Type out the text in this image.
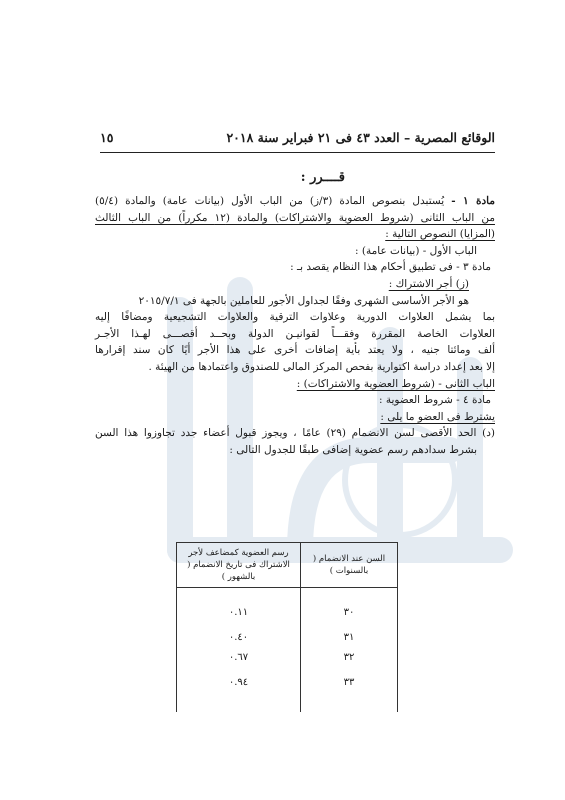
الوقائع المصرية – العدد ٤٣ فى ٢١ فبراير سنة ٢٠١٨
١٥
قــــرر :

مادة ١ - يُستبدل بنصوص المادة (٣/ز) من الباب الأول (بيانات عامة) والمادة (٥/٤)

من الباب الثانى (شروط العضوية والاشتراكات) والمادة (١٢ مكرراً) من الباب الثالث

(المزايا) النصوص التالية :

الباب الأول - (بيانات عامة) :

مادة ٣ - فى تطبيق أحكام هذا النظام يقصد بـ :

(ز) أجر الاشتراك :

هو الأجر الأساسى الشهرى وفقًا لجداول الأجور للعاملين بالجهة فى ٢٠١٥/٧/١

بما يشمل العلاوات الدورية وعلاوات الترقية والعلاوات التشجيعية ومضافًا إليه

العلاوات الخاصة المقررة وفقـــاً لقوانيـن الدولة وبحــد أقصـــى لهـذا الأجـر

ألف ومائتا جنيه ، ولا يعتد بأية إضافات أخرى على هذا الأجر أيًا كان سند إقرارها

إلا بعد إعداد دراسة اكتوارية بفحص المركز المالى للصندوق واعتمادها من الهيئة .

الباب الثانى - (شروط العضوية والاشتراكات) :

مادة ٤ - شروط العضوية :

يشترط فى العضو ما يلى :

(د) الحد الأقصى لسن الانضمام (٢٩) عامًا ، ويجوز قبول أعضاء جدد تجاوزوا هذا السن

بشرط سدادهم رسم عضوية إضافى طبقًا للجدول التالى :

السن عند الانضمام ( بالسنوات )	رسم العضوية كمضاعف لأجر الاشتراك فى تاريخ الانضمام ( بالشهور )
٣٠	٠.١١
٣١	٠.٤٠
٣٢	٠.٦٧
٣٣	٠.٩٤
